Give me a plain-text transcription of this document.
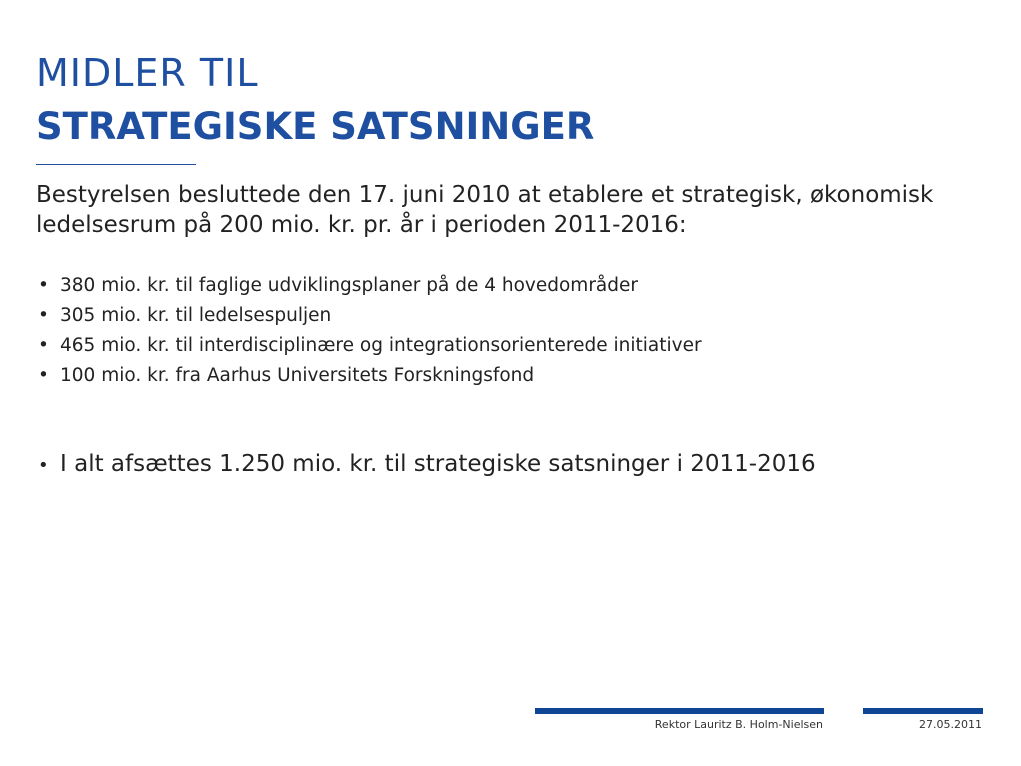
MIDLER TIL
STRATEGISKE SATSNINGER
Bestyrelsen besluttede den 17. juni 2010 at etablere et strategisk, økonomisk ledelsesrum på 200 mio. kr. pr. år i perioden 2011-2016:
• 380 mio. kr. til faglige udviklingsplaner på de 4 hovedområder
• 305 mio. kr. til ledelsespuljen
• 465 mio. kr. til interdisciplinære og integrationsorienterede initiativer
• 100 mio. kr. fra Aarhus Universitets Forskningsfond
• I alt afsættes 1.250 mio. kr. til strategiske satsninger i 2011-2016
Rektor Lauritz B. Holm-Nielsen	27.05.2011
